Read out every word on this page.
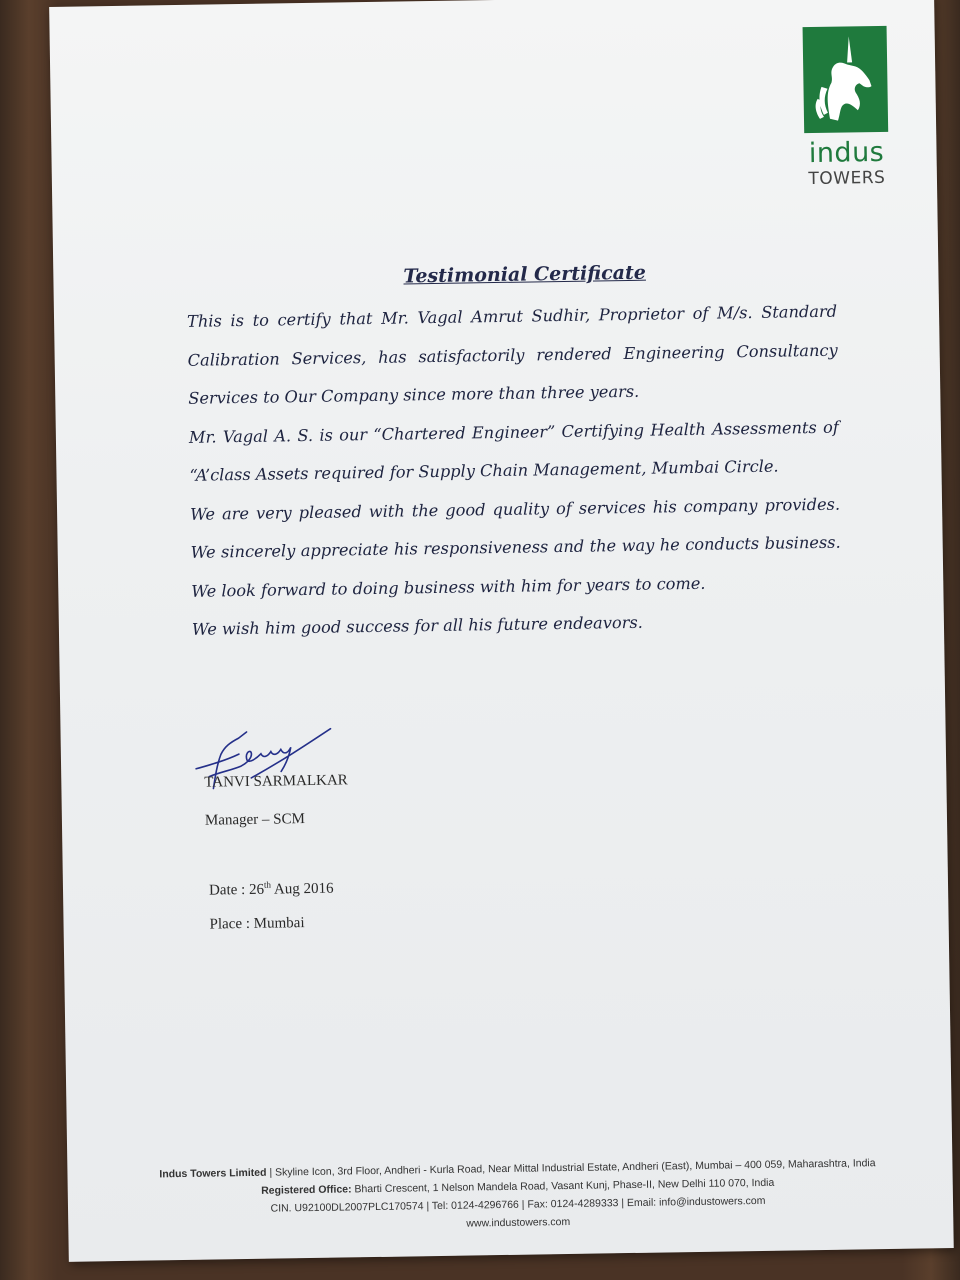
indus
TOWERS
Testimonial Certificate

This is to certify that Mr. Vagal Amrut Sudhir, Proprietor of M/s. Standard Calibration Services, has satisfactorily rendered Engineering Consultancy Services to Our Company since more than three years.

Mr. Vagal A. S. is our “Chartered Engineer” Certifying Health Assessments of “A’class Assets required for Supply Chain Management, Mumbai Circle.

We are very pleased with the good quality of services his company provides. We sincerely appreciate his responsiveness and the way he conducts business. We look forward to doing business with him for years to come.

We wish him good success for all his future endeavors.

TANVI SARMALKAR
Manager – SCM
Date : 26th Aug 2016
Place : Mumbai
Indus Towers Limited | Skyline Icon, 3rd Floor, Andheri - Kurla Road, Near Mittal Industrial Estate, Andheri (East), Mumbai – 400 059, Maharashtra, India
Registered Office: Bharti Crescent, 1 Nelson Mandela Road, Vasant Kunj, Phase-II, New Delhi 110 070, India
CIN. U92100DL2007PLC170574 | Tel: 0124-4296766 | Fax: 0124-4289333 | Email: info@industowers.com
www.industowers.com
